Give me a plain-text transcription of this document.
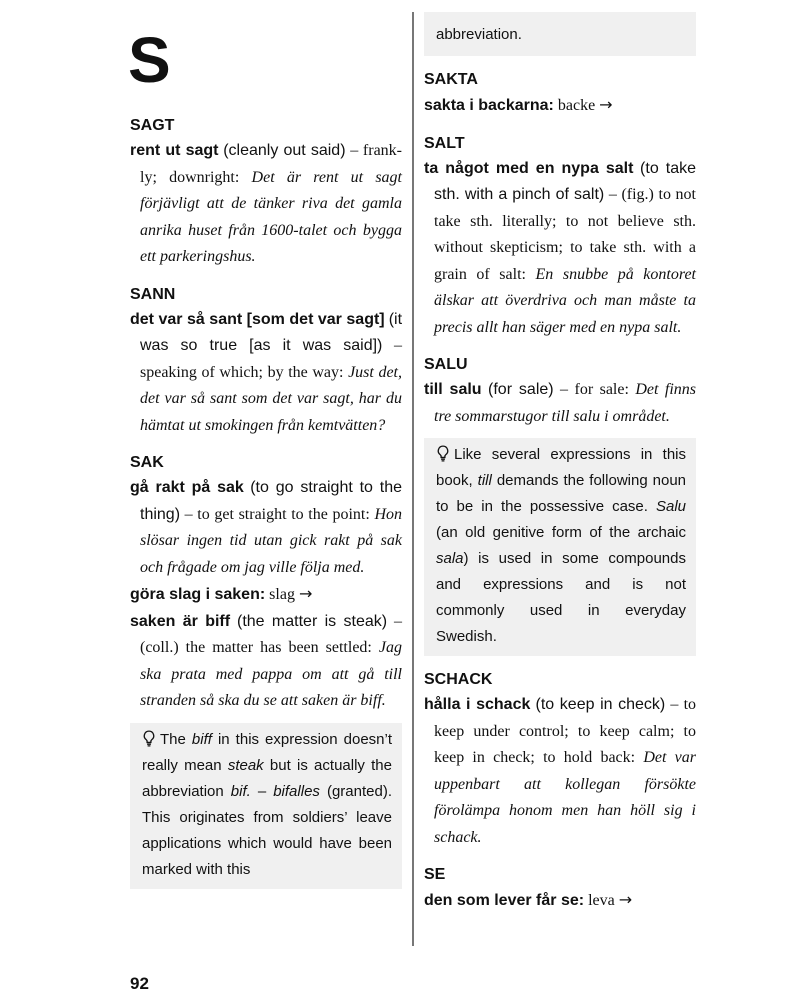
S
SAGT
rent ut sagt (cleanly out said) – frankly; downright: Det är rent ut sagt förjävligt att de tänker riva det gamla anrika huset från 1600-talet och bygga ett parkeringshus.
SANN
det var så sant [som det var sagt] (it was so true [as it was said]) – speaking of which; by the way: Just det, det var så sant som det var sagt, har du hämtat ut smokingen från kemtvätten?
SAK
gå rakt på sak (to go straight to the thing) – to get straight to the point: Hon slösar ingen tid utan gick rakt på sak och frågade om jag ville följa med.
göra slag i saken: slag →
saken är biff (the matter is steak) – (coll.) the matter has been settled: Jag ska prata med pappa om att gå till stranden så ska du se att saken är biff.
The biff in this expression doesn’t really mean steak but is actually the abbreviation bif. – bifalles (granted). This originates from soldiers’ leave applications which would have been marked with this
abbreviation.
SAKTA
sakta i backarna: backe →
SALT
ta något med en nypa salt (to take sth. with a pinch of salt) – (fig.) to not take sth. literally; to not believe sth. without skepticism; to take sth. with a grain of salt: En snubbe på kontoret älskar att överdriva och man måste ta precis allt han säger med en nypa salt.
SALU
till salu (for sale) – for sale: Det finns tre sommarstugor till salu i området.
Like several expressions in this book, till demands the following noun to be in the possessive case. Salu (an old genitive form of the archaic sala) is used in some compounds and expressions and is not commonly used in everyday Swedish.
SCHACK
hålla i schack (to keep in check) – to keep under control; to keep calm; to keep in check; to hold back: Det var uppenbart att kollegan försökte förolämpa honom men han höll sig i schack.
SE
den som lever får se: leva →
92
